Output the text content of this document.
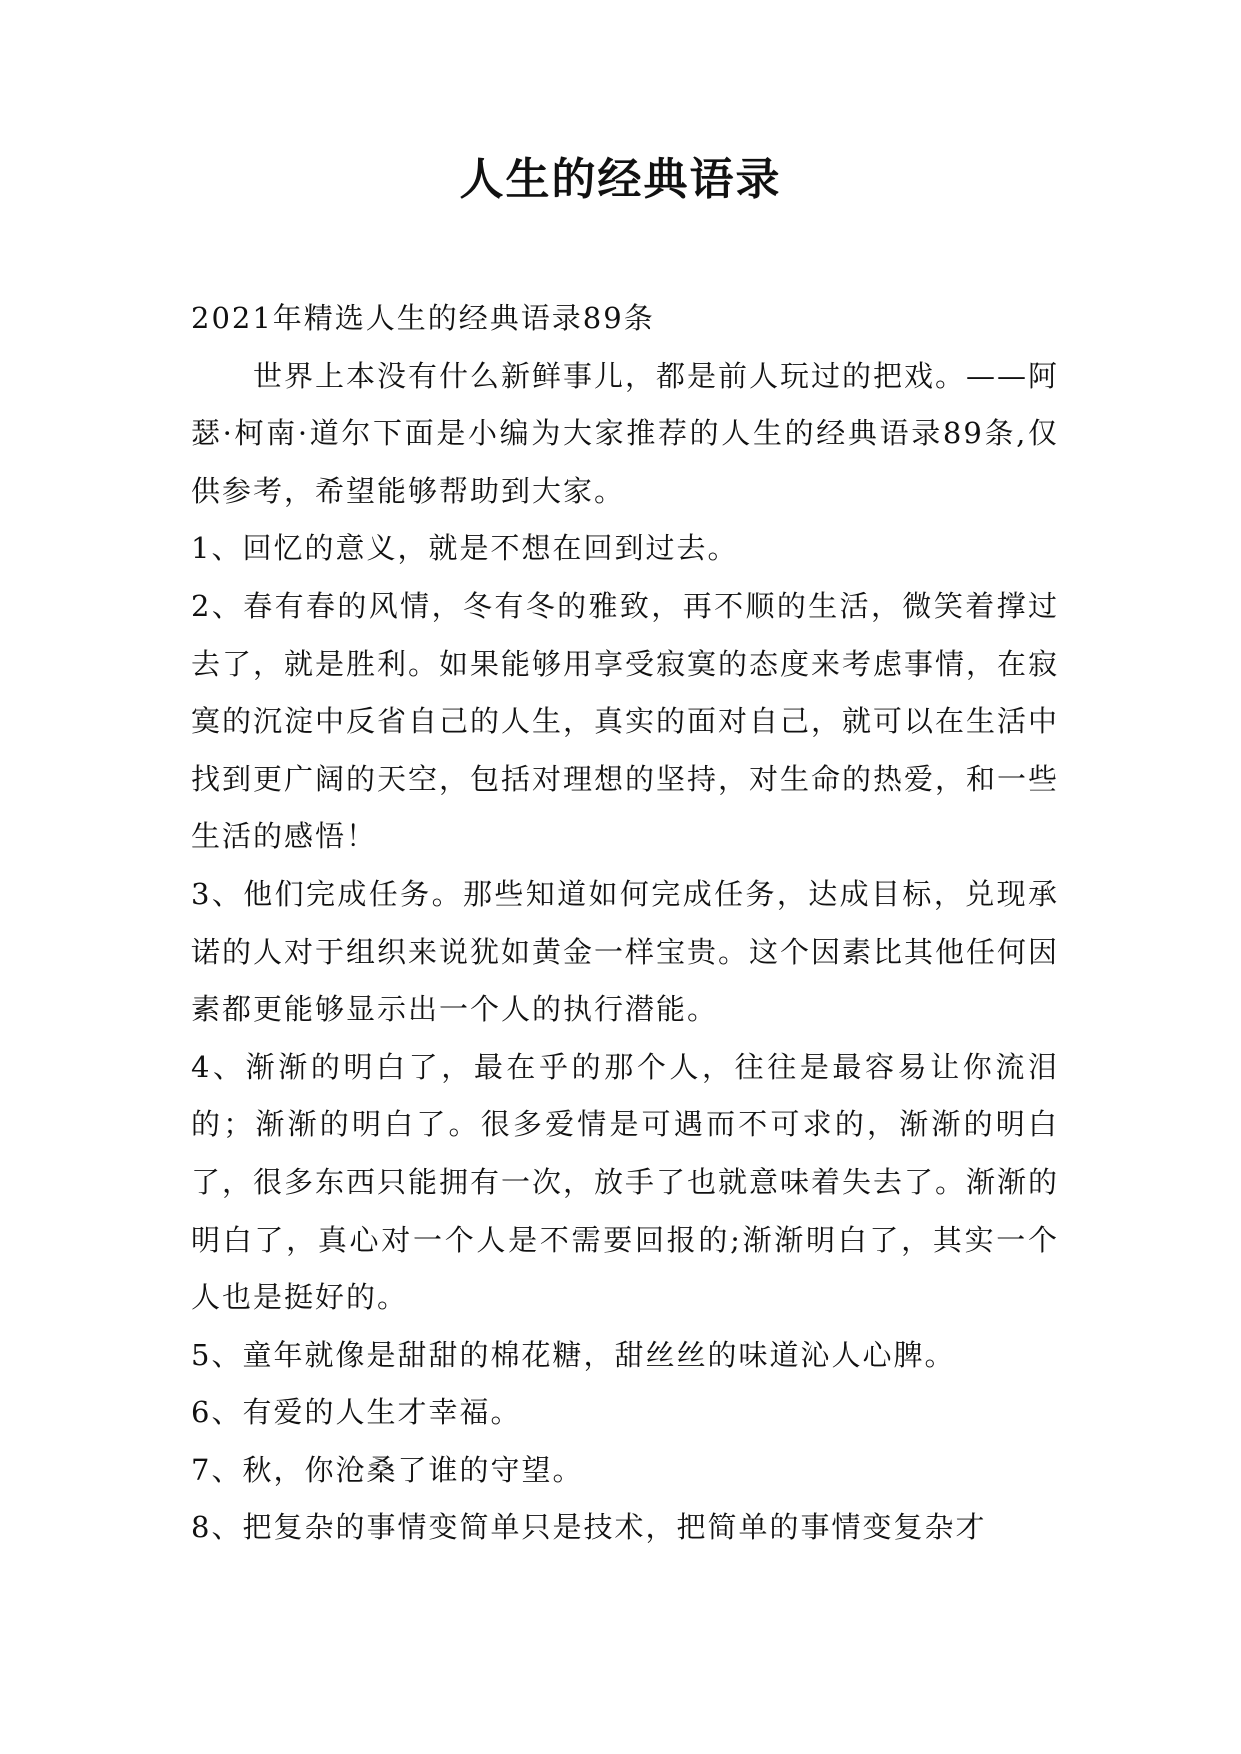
人生的经典语录

2021年精选人生的经典语录89条

世界上本没有什么新鲜事儿，都是前人玩过的把戏。——阿瑟·柯南·道尔下面是小编为大家推荐的人生的经典语录89条,仅供参考，希望能够帮助到大家。

1、回忆的意义，就是不想在回到过去。

2、春有春的风情，冬有冬的雅致，再不顺的生活，微笑着撑过去了，就是胜利。如果能够用享受寂寞的态度来考虑事情，在寂寞的沉淀中反省自己的人生，真实的面对自己，就可以在生活中找到更广阔的天空，包括对理想的坚持，对生命的热爱，和一些生活的感悟！

3、他们完成任务。那些知道如何完成任务，达成目标，兑现承诺的人对于组织来说犹如黄金一样宝贵。这个因素比其他任何因素都更能够显示出一个人的执行潜能。

4、渐渐的明白了，最在乎的那个人，往往是最容易让你流泪的；渐渐的明白了。很多爱情是可遇而不可求的，渐渐的明白了，很多东西只能拥有一次，放手了也就意味着失去了。渐渐的明白了，真心对一个人是不需要回报的;渐渐明白了，其实一个人也是挺好的。

5、童年就像是甜甜的棉花糖，甜丝丝的味道沁人心脾。

6、有爱的人生才幸福。

7、秋，你沧桑了谁的守望。

8、把复杂的事情变简单只是技术，把简单的事情变复杂才
